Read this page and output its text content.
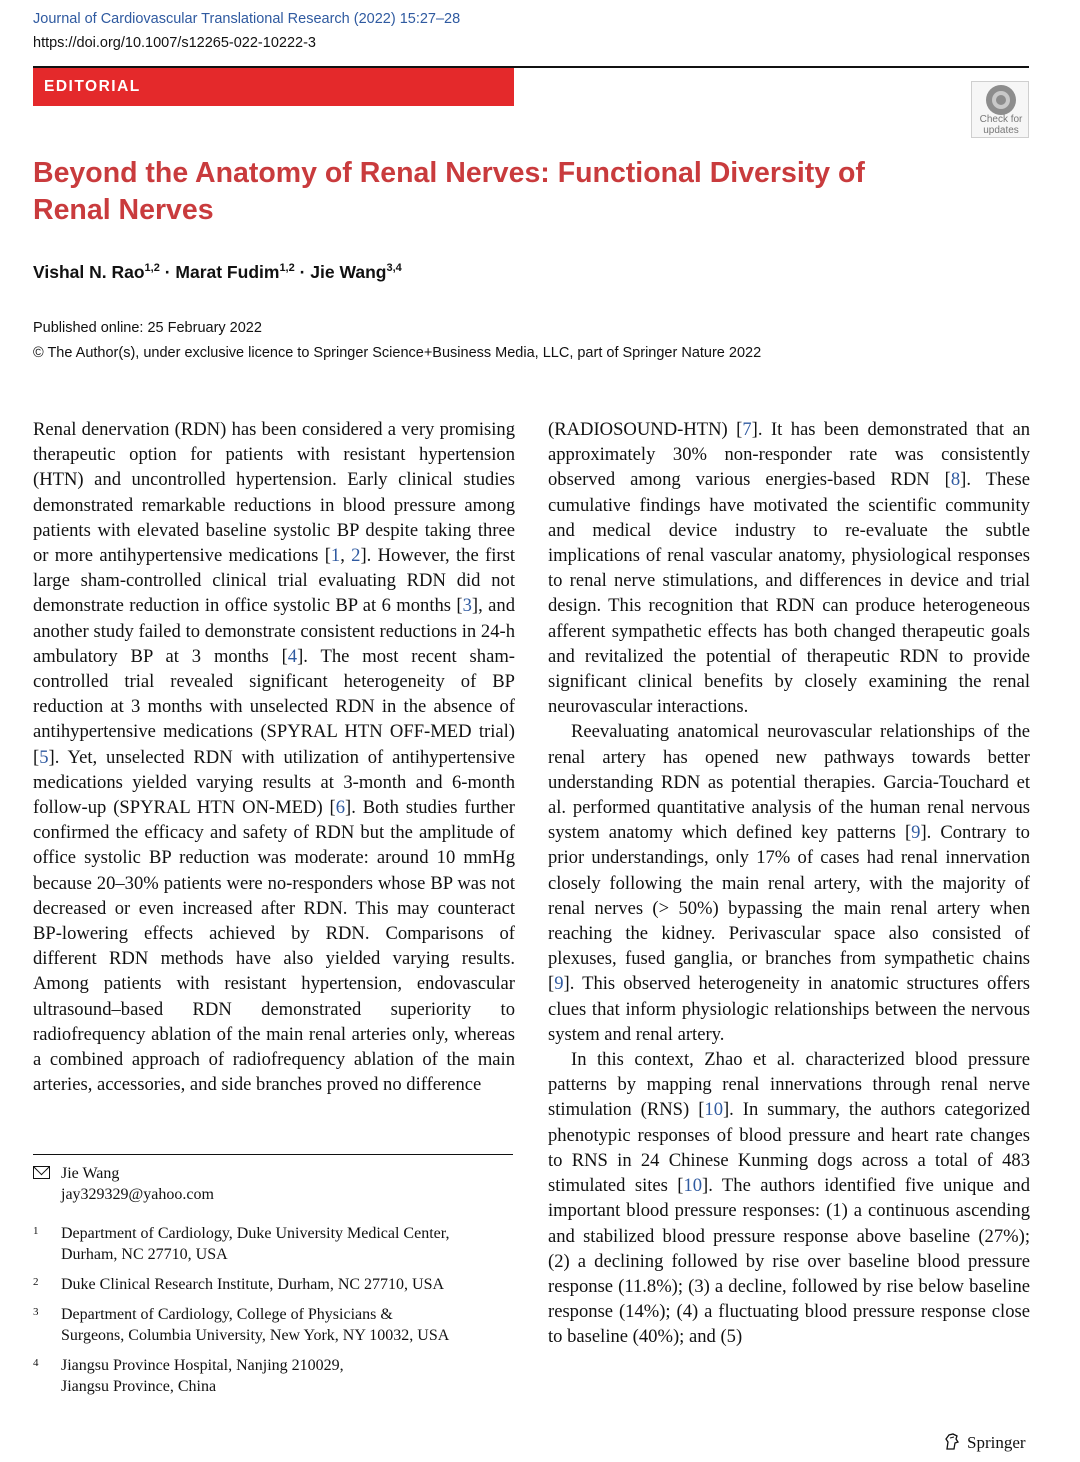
Journal of Cardiovascular Translational Research (2022) 15:27–28
https://doi.org/10.1007/s12265-022-10222-3
EDITORIAL
Check for
updates
Beyond the Anatomy of Renal Nerves: Functional Diversity of Renal Nerves
Vishal N. Rao$^{1,2}$ · Marat Fudim$^{1,2}$ · Jie Wang$^{3,4}$
Published online: 25 February 2022
© The Author(s), under exclusive licence to Springer Science+Business Media, LLC, part of Springer Nature 2022

Renal denervation (RDN) has been considered a very promising therapeutic option for patients with resistant hypertension (HTN) and uncontrolled hypertension. Early clinical studies demonstrated remarkable reductions in blood pressure among patients with elevated baseline systolic BP despite taking three or more antihypertensive medications [1, 2]. However, the first large sham-controlled clinical trial evaluating RDN did not demonstrate reduction in office systolic BP at 6 months [3], and another study failed to demonstrate consistent reductions in 24-h ambulatory BP at 3 months [4]. The most recent sham-controlled trial revealed significant heterogeneity of BP reduction at 3 months with unselected RDN in the absence of antihypertensive medications (SPYRAL HTN OFF-MED trial) [5]. Yet, unselected RDN with utilization of antihypertensive medications yielded varying results at 3-month and 6-month follow-up (SPYRAL HTN ON-MED) [6]. Both studies further confirmed the efficacy and safety of RDN but the amplitude of office systolic BP reduction was moderate: around 10 mmHg because 20–30% patients were no-responders whose BP was not decreased or even increased after RDN. This may counteract BP-lowering effects achieved by RDN. Comparisons of different RDN methods have also yielded varying results. Among patients with resistant hypertension, endovascular ultrasound–based RDN demonstrated superiority to radiofrequency ablation of the main renal arteries only, whereas a combined approach of radiofrequency ablation of the main arteries, accessories, and side branches proved no difference

(RADIOSOUND-HTN) [7]. It has been demonstrated that an approximately 30% non-responder rate was consistently observed among various energies-based RDN [8]. These cumulative findings have motivated the scientific community and medical device industry to re-evaluate the subtle implications of renal vascular anatomy, physiological responses to renal nerve stimulations, and differences in device and trial design. This recognition that RDN can produce heterogeneous afferent sympathetic effects has both changed therapeutic goals and revitalized the potential of therapeutic RDN to provide significant clinical benefits by closely examining the renal neurovascular interactions.

Reevaluating anatomical neurovascular relationships of the renal artery has opened new pathways towards better understanding RDN as potential therapies. Garcia-Touchard et al. performed quantitative analysis of the human renal nervous system anatomy which defined key patterns [9]. Contrary to prior understandings, only 17% of cases had renal innervation closely following the main renal artery, with the majority of renal nerves (> 50%) bypassing the main renal artery when reaching the kidney. Perivascular space also consisted of plexuses, fused ganglia, or branches from sympathetic chains [9]. This observed heterogeneity in anatomic structures offers clues that inform physiologic relationships between the nervous system and renal artery.

In this context, Zhao et al. characterized blood pressure patterns by mapping renal innervations through renal nerve stimulation (RNS) [10]. In summary, the authors categorized phenotypic responses of blood pressure and heart rate changes to RNS in 24 Chinese Kunming dogs across a total of 483 stimulated sites [10]. The authors identified five unique and important blood pressure responses: (1) a continuous ascending and stabilized blood pressure response above baseline (27%); (2) a declining followed by rise over baseline blood pressure response (11.8%); (3) a decline, followed by rise below baseline response (14%); (4) a fluctuating blood pressure response close to baseline (40%); and (5)

Jie Wang
jay329329@yahoo.com
1 Department of Cardiology, Duke University Medical Center,
Durham, NC 27710, USA
2 Duke Clinical Research Institute, Durham, NC 27710, USA
3 Department of Cardiology, College of Physicians &
Surgeons, Columbia University, New York, NY 10032, USA
4 Jiangsu Province Hospital, Nanjing 210029,
Jiangsu Province, China
Springer
